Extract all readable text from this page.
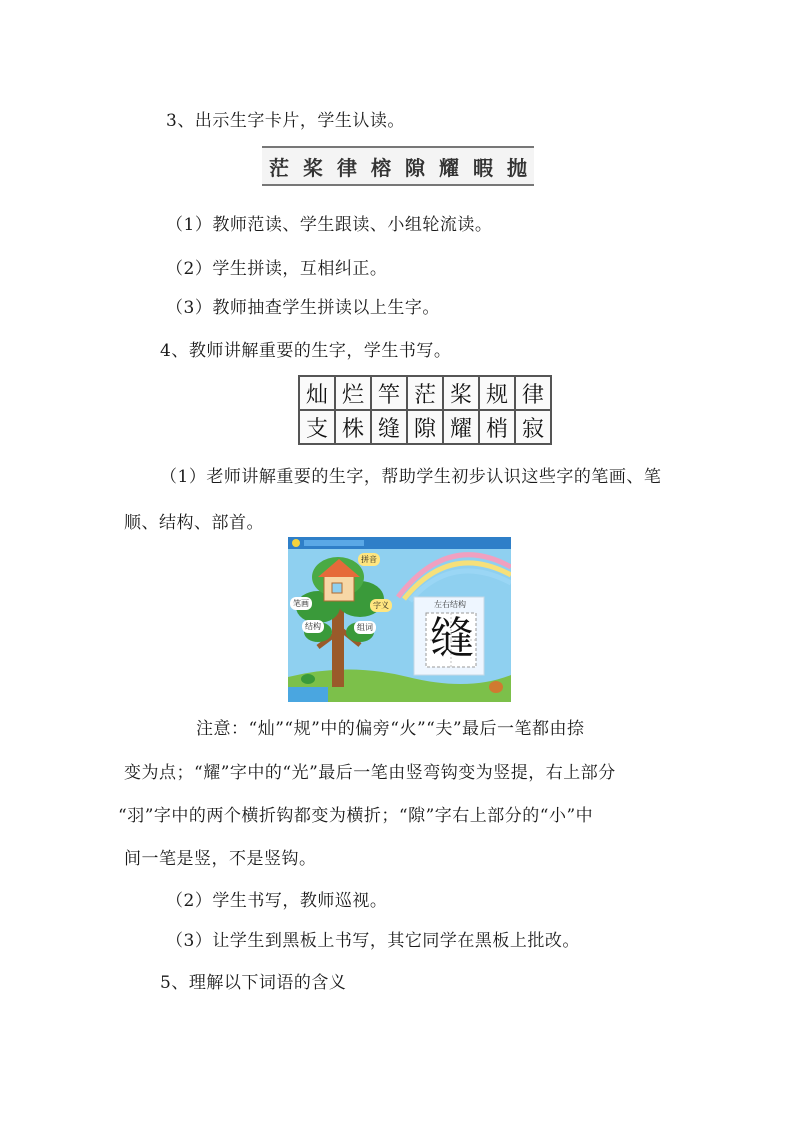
3、出示生字卡片，学生认读。
茫 桨 律 榕 隙 耀 暇 抛
（1）教师范读、学生跟读、小组轮流读。
（2）学生拼读，互相纠正。
（3）教师抽查学生拼读以上生字。
4、教师讲解重要的生字，学生书写。
灿	烂	竿	茫	桨	规	律
支	株	缝	隙	耀	梢	寂
（1）老师讲解重要的生字，帮助学生初步认识这些字的笔画、笔
顺、结构、部首。
拼音
笔画	字义
结构	组词
左右结构
缝
注意：“灿”“规”中的偏旁“火”“夫”最后一笔都由捺
变为点；“耀”字中的“光”最后一笔由竖弯钩变为竖提，右上部分
“羽”字中的两个横折钩都变为横折；“隙”字右上部分的“小”中
间一笔是竖，不是竖钩。
（2）学生书写，教师巡视。
（3）让学生到黑板上书写，其它同学在黑板上批改。
5、理解以下词语的含义
